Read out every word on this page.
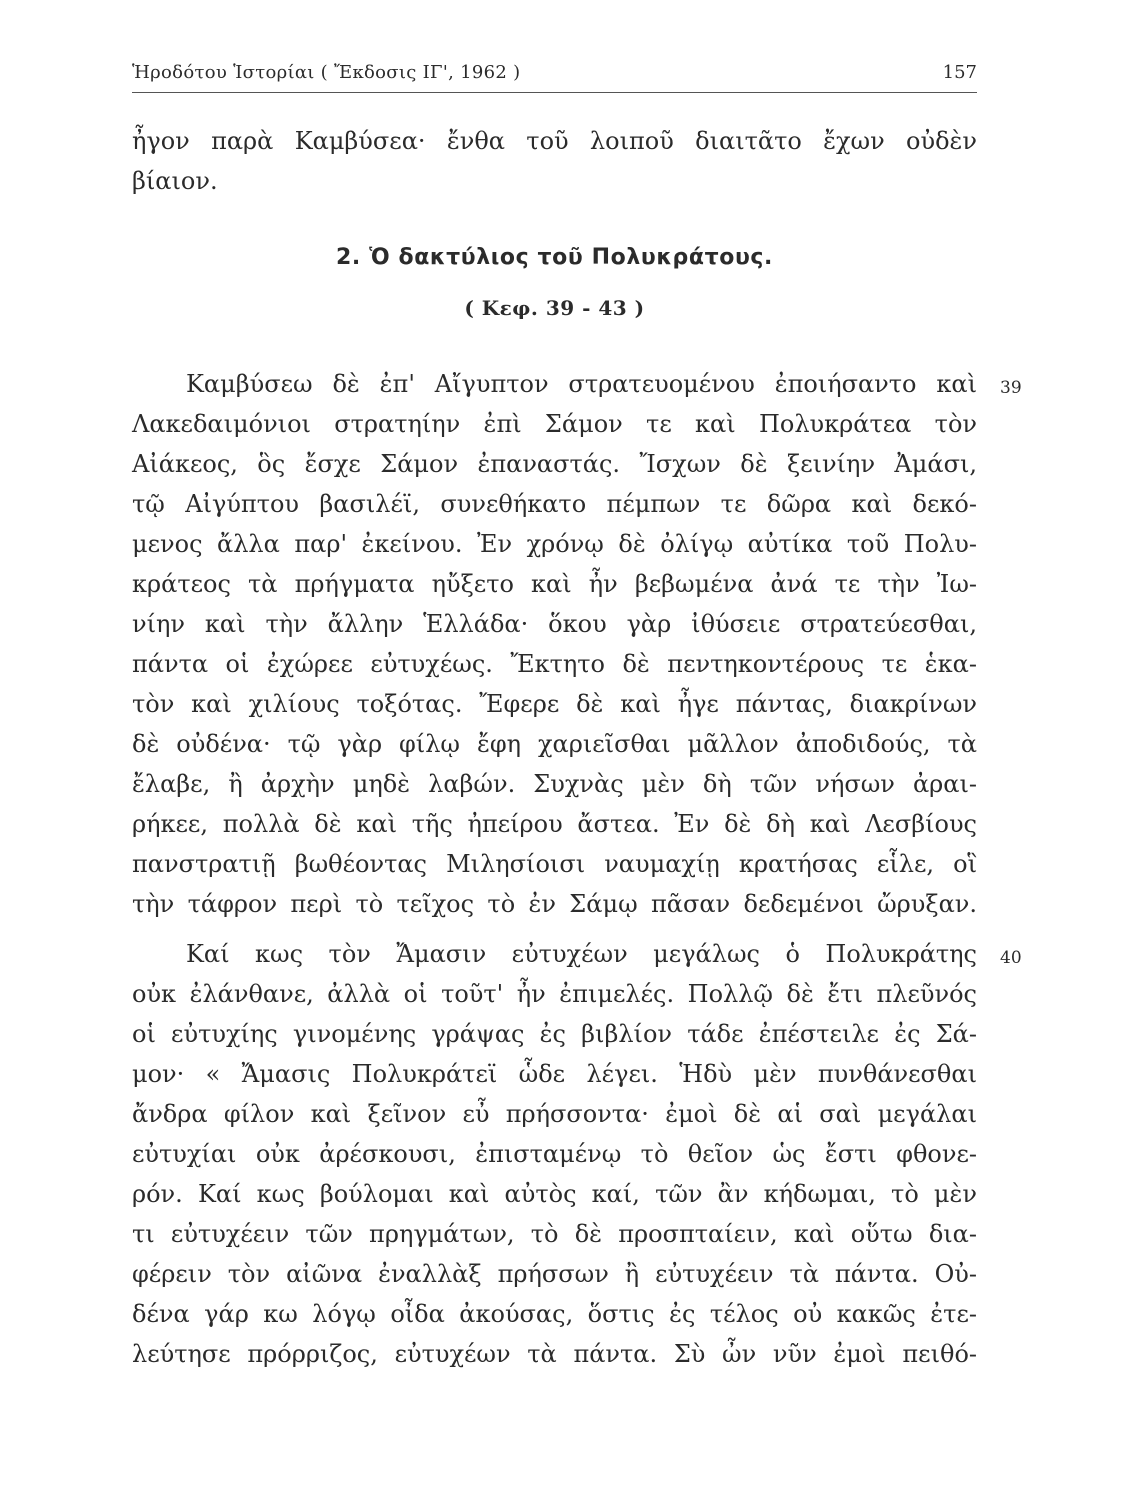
Ἡροδότου Ἱστορίαι ( Ἔκδοσις ΙΓ', 1962 )	157
ἦγον παρὰ Καμβύσεα· ἔνθα τοῦ λοιποῦ διαιτᾶτο ἔχων οὐδὲν
βίαιον.
2. Ὁ δακτύλιος τοῦ Πολυκράτους.
( Κεφ. 39 - 43 )
39
Καμβύσεω δὲ ἐπ' Αἴγυπτον στρατευομένου ἐποιήσαντο καὶ
Λακεδαιμόνιοι στρατηίην ἐπὶ Σάμον τε καὶ Πολυκράτεα τὸν
Αἰάκεος, ὃς ἔσχε Σάμον ἐπαναστάς. Ἴσχων δὲ ξεινίην Ἀμάσι,
τῷ Αἰγύπτου βασιλέϊ, συνεθήκατο πέμπων τε δῶρα καὶ δεκό-
μενος ἄλλα παρ' ἐκείνου. Ἐν χρόνῳ δὲ ὀλίγῳ αὐτίκα τοῦ Πολυ-
κράτεος τὰ πρήγματα ηὔξετο καὶ ἦν βεβωμένα ἀνά τε τὴν Ἰω-
νίην καὶ τὴν ἄλλην Ἑλλάδα· ὅκου γὰρ ἰθύσειε στρατεύεσθαι,
πάντα οἱ ἐχώρεε εὐτυχέως. Ἔκτητο δὲ πεντηκοντέρους τε ἑκα-
τὸν καὶ χιλίους τοξότας. Ἔφερε δὲ καὶ ἦγε πάντας, διακρίνων
δὲ οὐδένα· τῷ γὰρ φίλῳ ἔφη χαριεῖσθαι μᾶλλον ἀποδιδούς, τὰ
ἔλαβε, ἢ ἀρχὴν μηδὲ λαβών. Συχνὰς μὲν δὴ τῶν νήσων ἀραι-
ρήκεε, πολλὰ δὲ καὶ τῆς ἠπείρου ἄστεα. Ἐν δὲ δὴ καὶ Λεσβίους
πανστρατιῇ βωθέοντας Μιλησίοισι ναυμαχίῃ κρατήσας εἷλε, οἳ
τὴν τάφρον περὶ τὸ τεῖχος τὸ ἐν Σάμῳ πᾶσαν δεδεμένοι ὤρυξαν.
40
Καί κως τὸν Ἄμασιν εὐτυχέων μεγάλως ὁ Πολυκράτης
οὐκ ἐλάνθανε, ἀλλὰ οἱ τοῦτ' ἦν ἐπιμελές. Πολλῷ δὲ ἔτι πλεῦνός
οἱ εὐτυχίης γινομένης γράψας ἐς βιβλίον τάδε ἐπέστειλε ἐς Σά-
μον· « Ἄμασις Πολυκράτεϊ ὧδε λέγει. Ἡδὺ μὲν πυνθάνεσθαι
ἄνδρα φίλον καὶ ξεῖνον εὖ πρήσσοντα· ἐμοὶ δὲ αἱ σαὶ μεγάλαι
εὐτυχίαι οὐκ ἀρέσκουσι, ἐπισταμένῳ τὸ θεῖον ὡς ἔστι φθονε-
ρόν. Καί κως βούλομαι καὶ αὐτὸς καί, τῶν ἂν κήδωμαι, τὸ μὲν
τι εὐτυχέειν τῶν πρηγμάτων, τὸ δὲ προσπταίειν, καὶ οὕτω δια-
φέρειν τὸν αἰῶνα ἐναλλὰξ πρήσσων ἢ εὐτυχέειν τὰ πάντα. Οὐ-
δένα γάρ κω λόγῳ οἶδα ἀκούσας, ὅστις ἐς τέλος οὐ κακῶς ἐτε-
λεύτησε πρόρριζος, εὐτυχέων τὰ πάντα. Σὺ ὦν νῦν ἐμοὶ πειθό-
